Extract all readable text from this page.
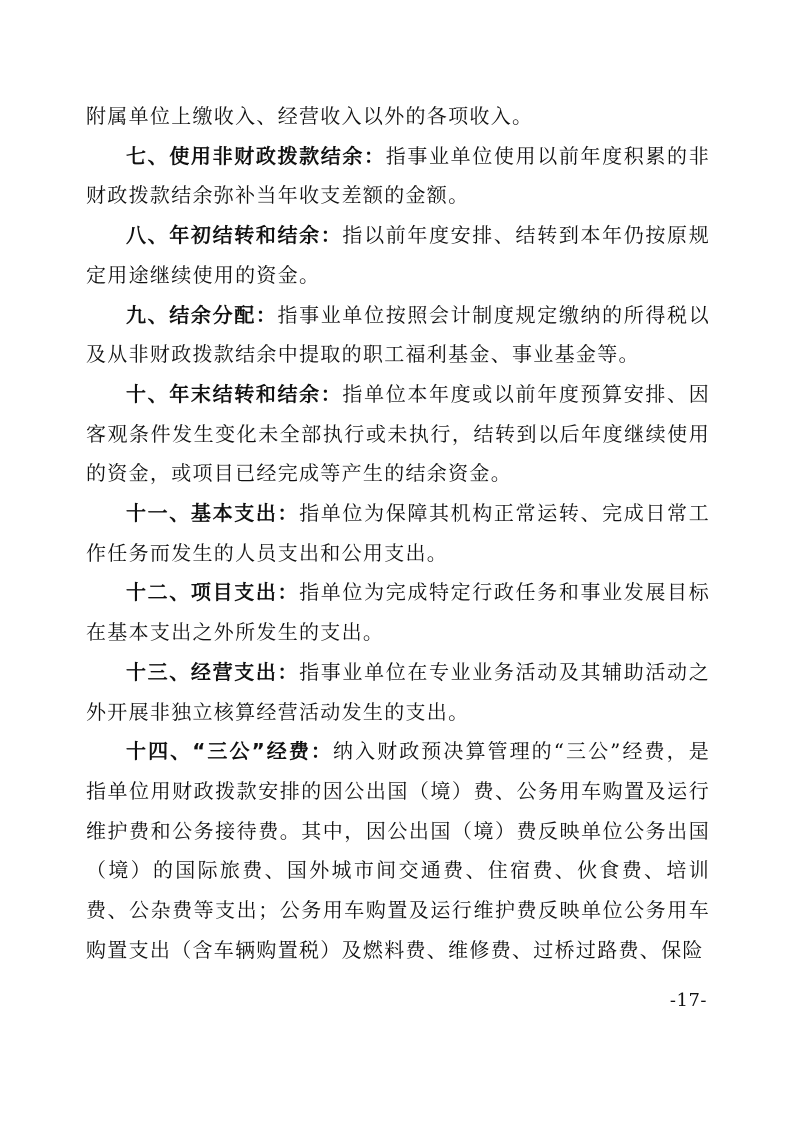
附属单位上缴收入、经营收入以外的各项收入。

七、使用非财政拨款结余：指事业单位使用以前年度积累的非财政拨款结余弥补当年收支差额的金额。

八、年初结转和结余：指以前年度安排、结转到本年仍按原规定用途继续使用的资金。

九、结余分配：指事业单位按照会计制度规定缴纳的所得税以及从非财政拨款结余中提取的职工福利基金、事业基金等。

十、年末结转和结余：指单位本年度或以前年度预算安排、因客观条件发生变化未全部执行或未执行，结转到以后年度继续使用的资金，或项目已经完成等产生的结余资金。

十一、基本支出：指单位为保障其机构正常运转、完成日常工作任务而发生的人员支出和公用支出。

十二、项目支出：指单位为完成特定行政任务和事业发展目标在基本支出之外所发生的支出。

十三、经营支出：指事业单位在专业业务活动及其辅助活动之外开展非独立核算经营活动发生的支出。

十四、“三公”经费：纳入财政预决算管理的“三公”经费，是指单位用财政拨款安排的因公出国（境）费、公务用车购置及运行维护费和公务接待费。其中，因公出国（境）费反映单位公务出国（境）的国际旅费、国外城市间交通费、住宿费、伙食费、培训费、公杂费等支出；公务用车购置及运行维护费反映单位公务用车购置支出（含车辆购置税）及燃料费、维修费、过桥过路费、保险

-17-
